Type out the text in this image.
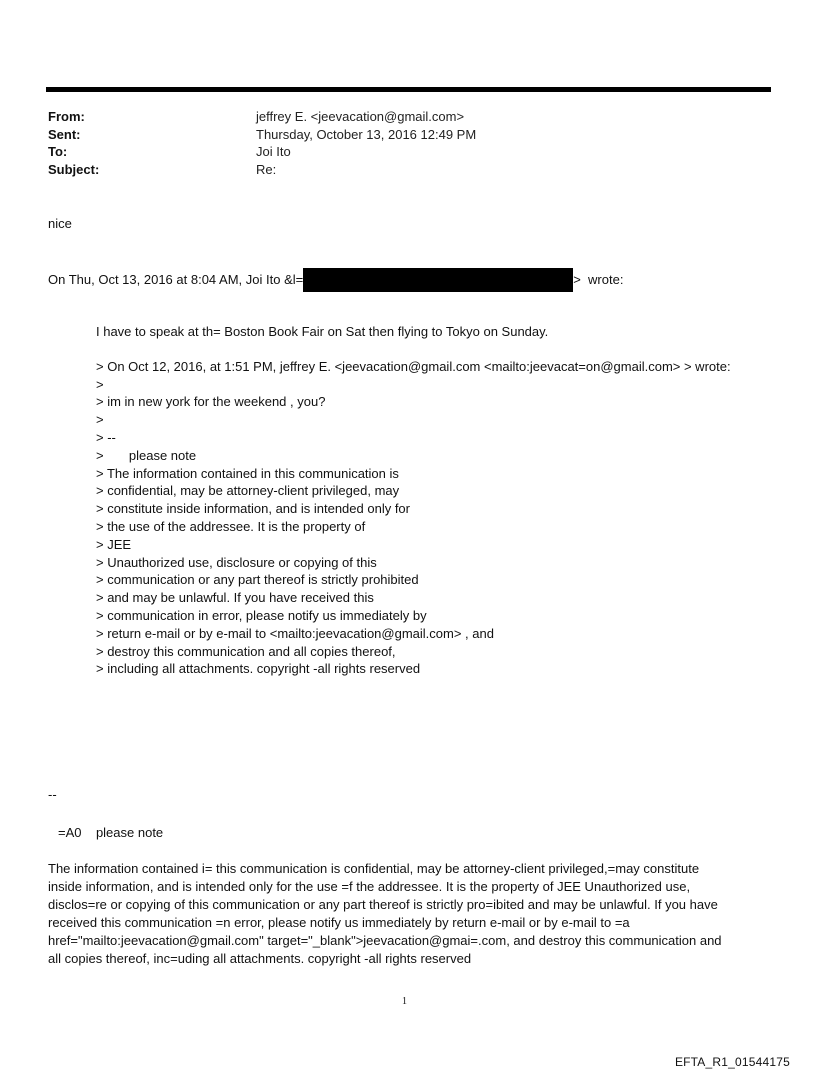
From:	jeffrey E. <jeevacation@gmail.com>
Sent:	Thursday, October 13, 2016 12:49 PM
To:	Joi Ito
Subject:	Re:

nice

On Thu, Oct 13, 2016 at 8:04 AM, Joi Ito &l=	>  wrote:
I have to speak at th= Boston Book Fair on Sat then flying to Tokyo on Sunday.
> On Oct 12, 2016, at 1:51 PM, jeffrey E. <jeevacation@gmail.com <mailto:jeevacat=on@gmail.com> > wrote:
>
> im in new york for the weekend , you?
>
> --
>       please note
> The information contained in this communication is
> confidential, may be attorney-client privileged, may
> constitute inside information, and is intended only for
> the use of the addressee. It is the property of
> JEE
> Unauthorized use, disclosure or copying of this
> communication or any part thereof is strictly prohibited
> and may be unlawful. If you have received this
> communication in error, please notify us immediately by
> return e-mail or by e-mail to <mailto:jeevacation@gmail.com> , and
> destroy this communication and all copies thereof,
> including all attachments. copyright -all rights reserved
--
=A0    please note
The information contained i= this communication is confidential, may be attorney-client privileged,=may constitute
inside information, and is intended only for the use =f the addressee. It is the property of JEE Unauthorized use,
disclos=re or copying of this communication or any part thereof is strictly pro=ibited and may be unlawful. If you have
received this communication =n error, please notify us immediately by return e-mail or by e-mail to =a
href="mailto:jeevacation@gmail.com" target="_blank">jeevacation@gmai=.com, and destroy this communication and
all copies thereof, inc=uding all attachments. copyright -all rights reserved
1
EFTA_R1_01544175
